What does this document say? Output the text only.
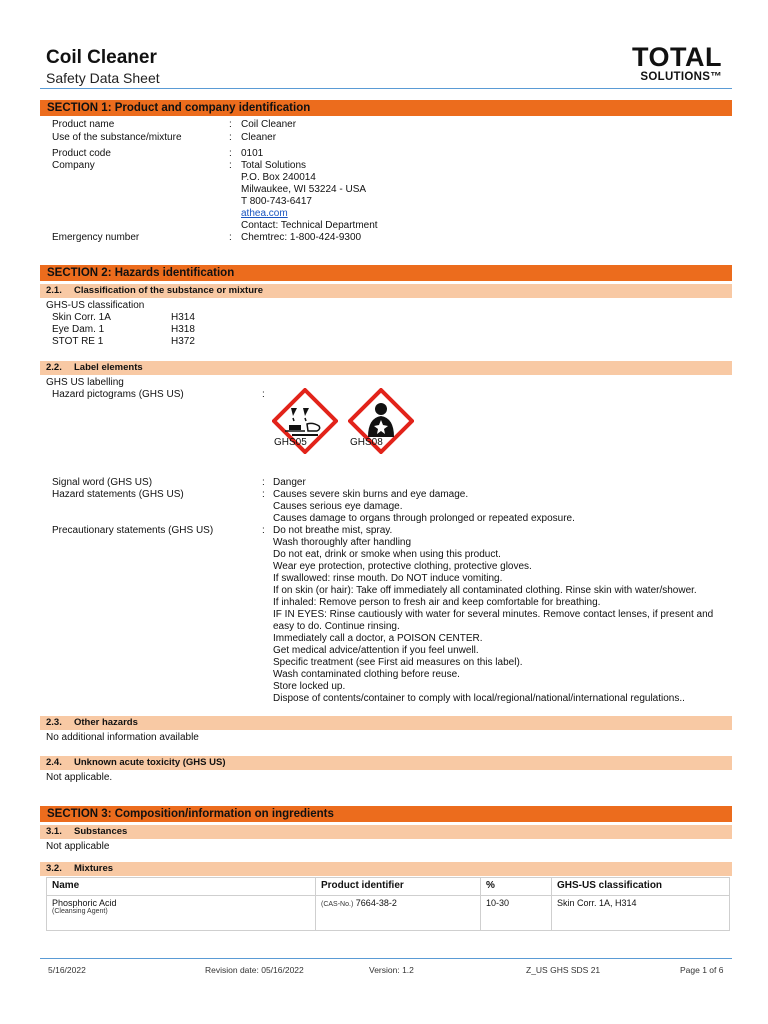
Coil Cleaner
Safety Data Sheet
TOTAL
SOLUTIONS™
SECTION 1: Product and company identification
Product name	: Coil Cleaner
Use of the substance/mixture	: Cleaner
Product code	: 0101
Company	: Total Solutions
P.O. Box 240014
Milwaukee, WI 53224 - USA
T 800-743-6417
athea.com
Contact: Technical Department
Emergency number	: Chemtrec: 1-800-424-9300
SECTION 2: Hazards identification
2.1. Classification of the substance or mixture
GHS-US classification
Skin Corr. 1A	H314
Eye Dam. 1	H318
STOT RE 1	H372
2.2. Label elements
GHS US labelling
Hazard pictograms (GHS US)	:
GHS05	GHS08
Signal word (GHS US)	: Danger
Hazard statements (GHS US)	: Causes severe skin burns and eye damage.
Causes serious eye damage.
Causes damage to organs through prolonged or repeated exposure.
Precautionary statements (GHS US)	: Do not breathe mist, spray.
Wash thoroughly after handling
Do not eat, drink or smoke when using this product.
Wear eye protection, protective clothing, protective gloves.
If swallowed: rinse mouth. Do NOT induce vomiting.
If on skin (or hair): Take off immediately all contaminated clothing. Rinse skin with water/shower.
If inhaled: Remove person to fresh air and keep comfortable for breathing.
IF IN EYES: Rinse cautiously with water for several minutes. Remove contact lenses, if present and
easy to do. Continue rinsing.
Immediately call a doctor, a POISON CENTER.
Get medical advice/attention if you feel unwell.
Specific treatment (see First aid measures on this label).
Wash contaminated clothing before reuse.
Store locked up.
Dispose of contents/container to comply with local/regional/national/international regulations..
2.3. Other hazards
No additional information available
2.4. Unknown acute toxicity (GHS US)
Not applicable.
SECTION 3: Composition/information on ingredients
3.1. Substances
Not applicable
3.2. Mixtures
Name	Product identifier	%	GHS-US classification

Phosphoric Acid
(Cleansing Agent)	(CAS-No.) 7664-38-2	10-30	Skin Corr. 1A, H314
5/16/2022	Revision date: 05/16/2022	Version: 1.2	Z_US GHS SDS 21	Page 1 of 6
